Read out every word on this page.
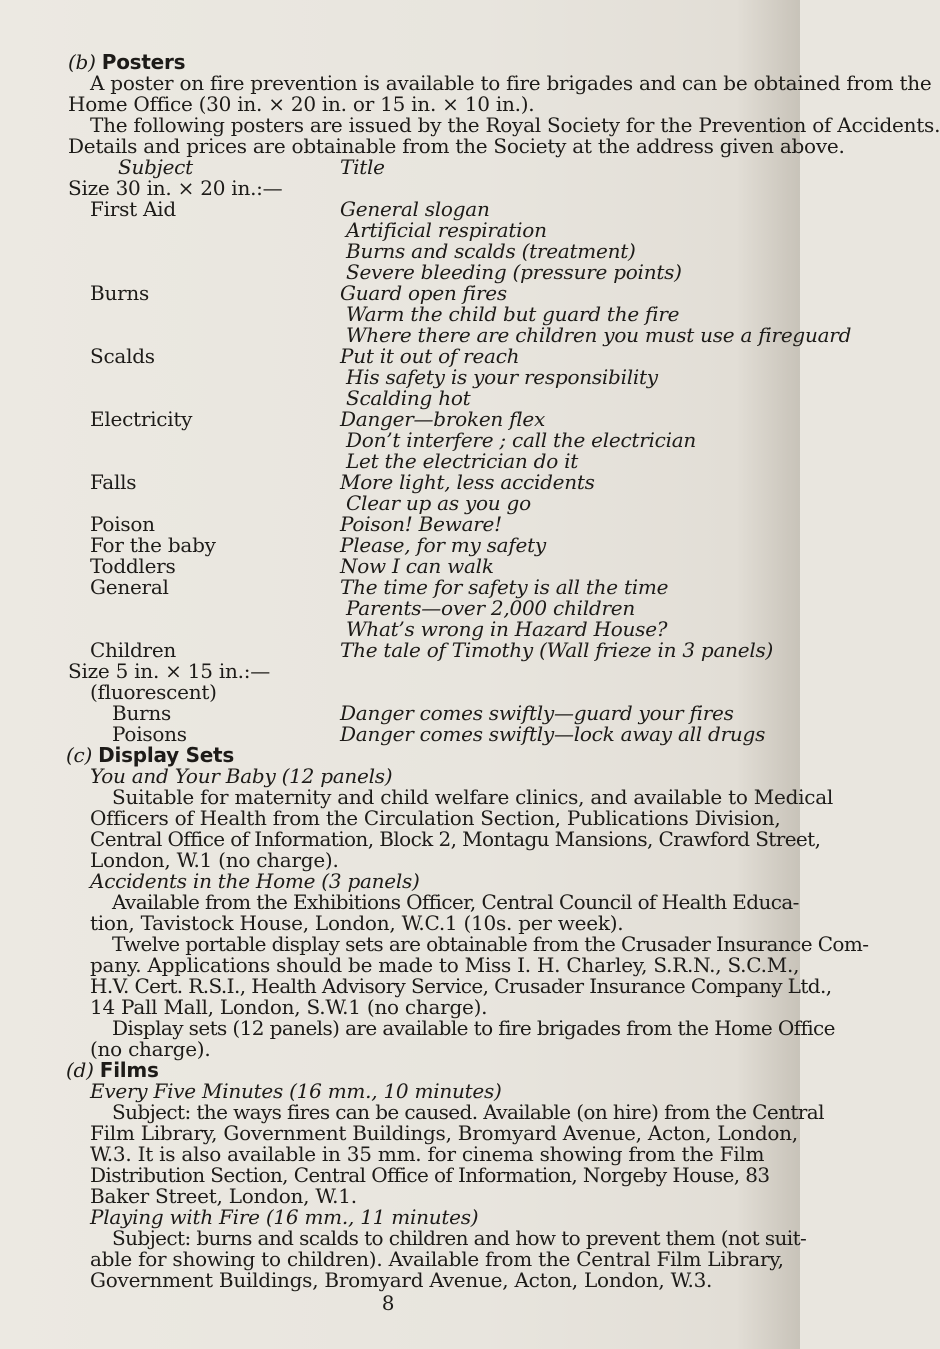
(b) Posters

A poster on fire prevention is available to fire brigades and can be obtained from the

Home Office (30 in. × 20 in. or 15 in. × 10 in.).

The following posters are issued by the Royal Society for the Prevention of Accidents.

Details and prices are obtainable from the Society at the address given above.

Subject	Title

Size 30 in. × 20 in.:—

First Aid	General slogan
Artificial respiration
Burns and scalds (treatment)
Severe bleeding (pressure points)
Burns	Guard open fires
Warm the child but guard the fire
Where there are children you must use a fireguard
Scalds	Put it out of reach
His safety is your responsibility
Scalding hot
Electricity	Danger—broken flex
Don’t interfere ; call the electrician
Let the electrician do it
Falls	More light, less accidents
Clear up as you go
Poison	Poison! Beware!
For the baby	Please, for my safety
Toddlers	Now I can walk
General	The time for safety is all the time
Parents—over 2,000 children
What’s wrong in Hazard House?
Children	The tale of Timothy (Wall frieze in 3 panels)

Size 5 in. × 15 in.:—

(fluorescent)

Burns	Danger comes swiftly—guard your fires
Poisons	Danger comes swiftly—lock away all drugs

(c) Display Sets

You and Your Baby (12 panels)

Suitable for maternity and child welfare clinics, and available to Medical

Officers of Health from the Circulation Section, Publications Division,

Central Office of Information, Block 2, Montagu Mansions, Crawford Street,

London, W.1 (no charge).

Accidents in the Home (3 panels)

Available from the Exhibitions Officer, Central Council of Health Educa-

tion, Tavistock House, London, W.C.1 (10s. per week).

Twelve portable display sets are obtainable from the Crusader Insurance Com-

pany. Applications should be made to Miss I. H. Charley, S.R.N., S.C.M.,

H.V. Cert. R.S.I., Health Advisory Service, Crusader Insurance Company Ltd.,

14 Pall Mall, London, S.W.1 (no charge).

Display sets (12 panels) are available to fire brigades from the Home Office

(no charge).

(d) Films

Every Five Minutes (16 mm., 10 minutes)

Subject: the ways fires can be caused. Available (on hire) from the Central

Film Library, Government Buildings, Bromyard Avenue, Acton, London,

W.3. It is also available in 35 mm. for cinema showing from the Film

Distribution Section, Central Office of Information, Norgeby House, 83

Baker Street, London, W.1.

Playing with Fire (16 mm., 11 minutes)

Subject: burns and scalds to children and how to prevent them (not suit-

able for showing to children). Available from the Central Film Library,

Government Buildings, Bromyard Avenue, Acton, London, W.3.

8
